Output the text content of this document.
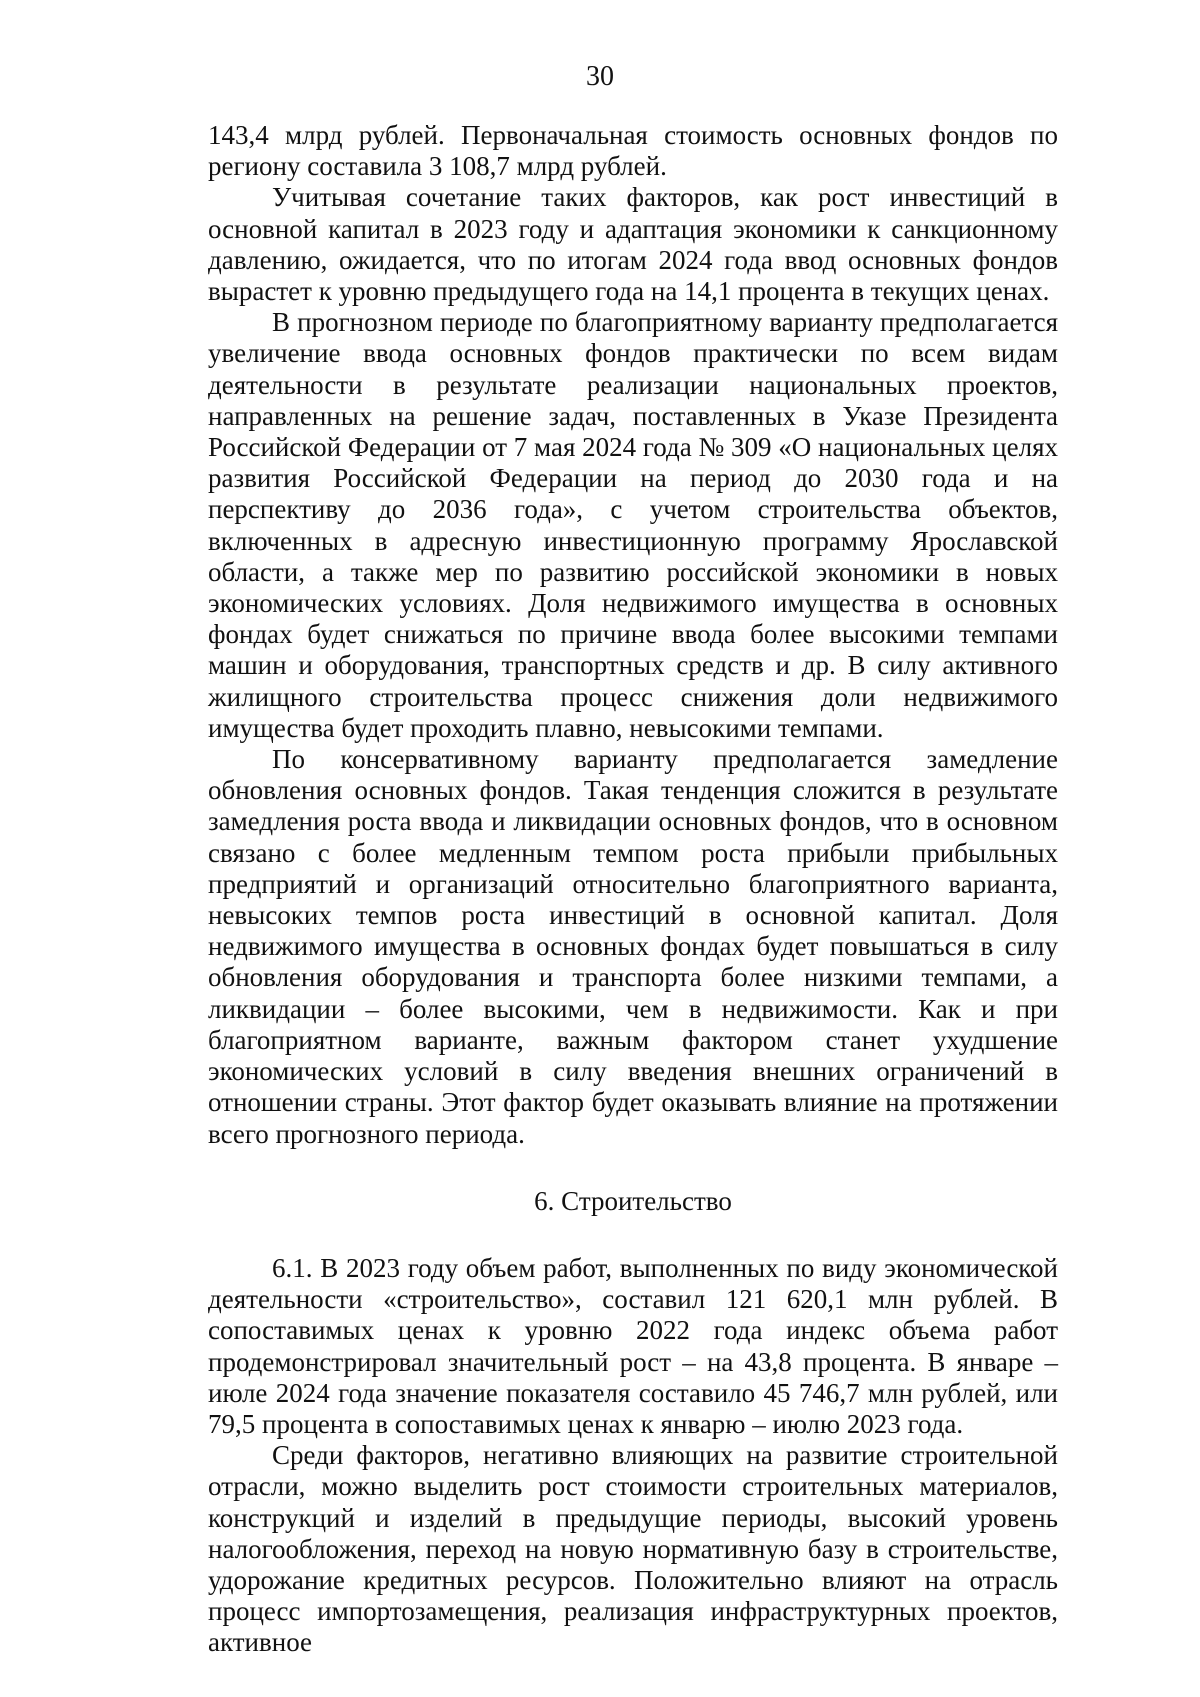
30

143,4 млрд рублей. Первоначальная стоимость основных фондов по региону составила 3 108,7 млрд рублей.

Учитывая сочетание таких факторов, как рост инвестиций в основной капитал в 2023 году и адаптация экономики к санкционному давлению, ожидается, что по итогам 2024 года ввод основных фондов вырастет к уровню предыдущего года на 14,1 процента в текущих ценах.

В прогнозном периоде по благоприятному варианту предполагается увеличение ввода основных фондов практически по всем видам деятельности в результате реализации национальных проектов, направленных на решение задач, поставленных в Указе Президента Российской Федерации от 7 мая 2024 года № 309 «О национальных целях развития Российской Федерации на период до 2030 года и на перспективу до 2036 года», с учетом строительства объектов, включенных в адресную инвестиционную программу Ярославской области, а также мер по развитию российской экономики в новых экономических условиях. Доля недвижимого имущества в основных фондах будет снижаться по причине ввода более высокими темпами машин и оборудования, транспортных средств и др. В силу активного жилищного строительства процесс снижения доли недвижимого имущества будет проходить плавно, невысокими темпами.

По консервативному варианту предполагается замедление обновления основных фондов. Такая тенденция сложится в результате замедления роста ввода и ликвидации основных фондов, что в основном связано с более медленным темпом роста прибыли прибыльных предприятий и организаций относительно благоприятного варианта, невысоких темпов роста инвестиций в основной капитал. Доля недвижимого имущества в основных фондах будет повышаться в силу обновления оборудования и транспорта более низкими темпами, а ликвидации – более высокими, чем в недвижимости. Как и при благоприятном варианте, важным фактором станет ухудшение экономических условий в силу введения внешних ограничений в отношении страны. Этот фактор будет оказывать влияние на протяжении всего прогнозного периода.

6. Строительство

6.1. В 2023 году объем работ, выполненных по виду экономической деятельности «строительство», составил 121 620,1 млн рублей. В сопоставимых ценах к уровню 2022 года индекс объема работ продемонстрировал значительный рост – на 43,8 процента. В январе – июле 2024 года значение показателя составило 45 746,7 млн рублей, или 79,5 процента в сопоставимых ценах к январю – июлю 2023 года.

Среди факторов, негативно влияющих на развитие строительной отрасли, можно выделить рост стоимости строительных материалов, конструкций и изделий в предыдущие периоды, высокий уровень налогообложения, переход на новую нормативную базу в строительстве, удорожание кредитных ресурсов. Положительно влияют на отрасль процесс импортозамещения, реализация инфраструктурных проектов, активное
